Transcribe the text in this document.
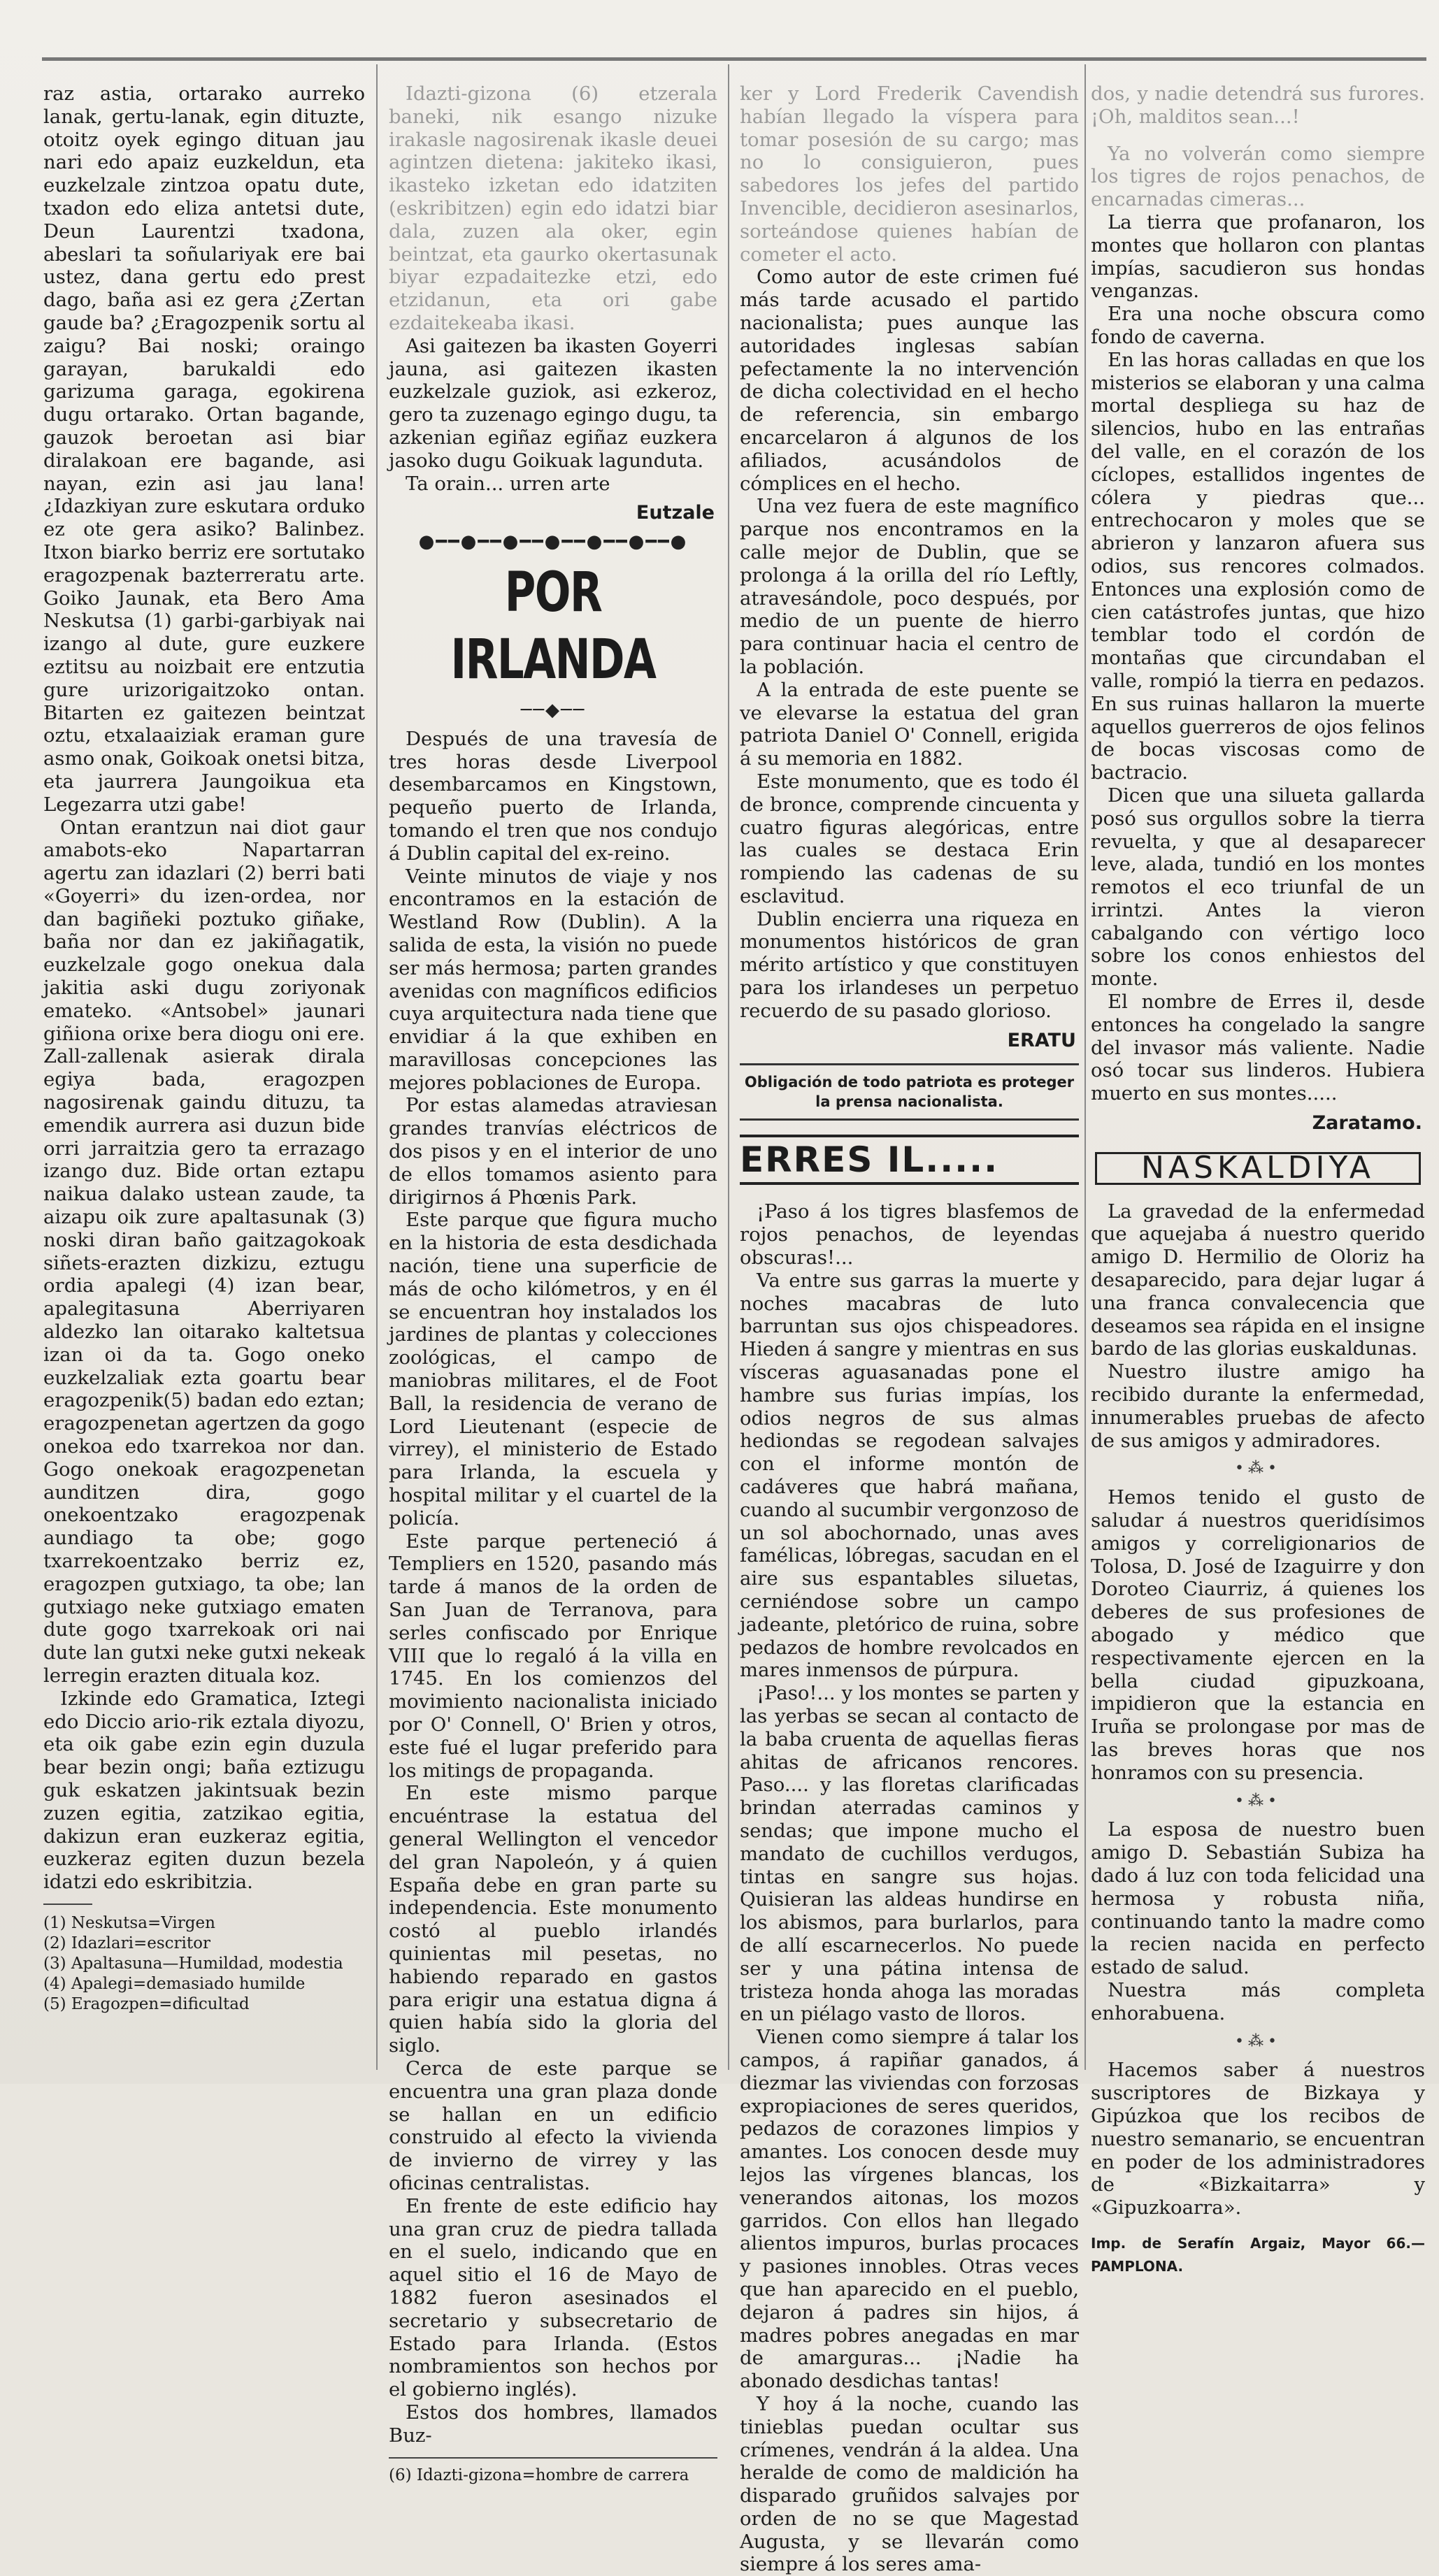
raz astia, ortarako aurreko lanak, gertu-lanak, egin dituzte, otoitz oyek egingo dituan jau nari edo apaiz euzkeldun, eta euzkelzale zintzoa opatu dute, txadon edo eliza antetsi dute, Deun Laurentzi txadona, abeslari ta soñulariyak ere bai ustez, dana gertu edo prest dago, baña asi ez gera ¿Zertan gaude ba? ¿Eragozpenik sortu al zaigu? Bai noski; oraingo garayan, barukaldi edo garizuma garaga, egokirena dugu ortarako. Ortan bagande, gauzok beroetan asi biar diralakoan ere bagande, asi nayan, ezin asi jau lana! ¿Idazkiyan zure eskutara orduko ez ote gera asiko? Balinbez. Itxon biarko berriz ere sortutako eragozpenak bazterreratu arte. Goiko Jaunak, eta Bero Ama Neskutsa (1) garbi-garbiyak nai izango al dute, gure euzkere eztitsu au noizbait ere entzutia gure urizorigaitzoko ontan. Bitarten ez gaitezen beintzat oztu, etxalaaiziak eraman gure asmo onak, Goikoak onetsi bitza, eta jaurrera Jaungoikua eta Legezarra utzi gabe!

Ontan erantzun nai diot gaur amabots-eko Napartarran agertu zan idazlari (2) berri bati «Goyerri» du izen-ordea, nor dan bagiñeki poztuko giñake, baña nor dan ez jakiñagatik, euzkelzale gogo onekua dala jakitia aski dugu zoriyonak emateko. «Antsobel» jaunari giñiona orixe bera diogu oni ere. Zall-zallenak asierak dirala egiya bada, eragozpen nagosirenak gaindu dituzu, ta emendik aurrera asi duzun bide orri jarraitzia gero ta errazago izango duz. Bide ortan eztapu naikua dalako ustean zaude, ta aizapu oik zure apaltasunak (3) noski diran baño gaitzagokoak siñets-erazten dizkizu, eztugu ordia apalegi (4) izan bear, apalegitasuna Aberriyaren aldezko lan oitarako kaltetsua izan oi da ta. Gogo oneko euzkelzaliak ezta goartu bear eragozpenik(5) badan edo eztan; eragozpenetan agertzen da gogo onekoa edo txarrekoa nor dan. Gogo onekoak eragozpenetan aunditzen dira, gogo onekoentzako eragozpenak aundiago ta obe; gogo txarrekoentzako berriz ez, eragozpen gutxiago, ta obe; lan gutxiago neke gutxiago ematen dute gogo txarrekoak ori nai dute lan gutxi neke gutxi nekeak lerregin erazten dituala koz.

Izkinde edo Gramatica, Iztegi edo Diccio ario-rik eztala diyozu, eta oik gabe ezin egin duzula bear bezin ongi; baña eztizugu guk eskatzen jakintsuak bezin zuzen egitia, zatzikao egitia, dakizun eran euzkeraz egitia, euzkeraz egiten duzun bezela idatzi edo eskribitzia.

(1) Neskutsa=Virgen
(2) Idazlari=escritor
(3) Apaltasuna—Humildad, modestia
(4) Apalegi=demasiado humilde
(5) Eragozpen=dificultad

Idazti-gizona (6) etzerala baneki, nik esango nizuke irakasle nagosirenak ikasle deuei agintzen dietena: jakiteko ikasi, ikasteko izketan edo idatziten (eskribitzen) egin edo idatzi biar dala, zuzen ala oker, egin beintzat, eta gaurko okertasunak biyar ezpadaitezke etzi, edo etzidanun, eta ori gabe ezdaitekeaba ikasi.

Asi gaitezen ba ikasten Goyerri jauna, asi gaitezen ikasten euzkelzale guziok, asi ezkeroz, gero ta zuzenago egingo dugu, ta azkenian egiñaz egiñaz euzkera jasoko dugu Goikuak lagunduta.

Ta orain... urren arte

Eutzale
●━━●━━●━━●━━●━━●━━●
POR IRLANDA
──◆──

Después de una travesía de tres horas desde Liverpool desembarcamos en Kingstown, pequeño puerto de Irlanda, tomando el tren que nos condujo á Dublin capital del ex-reino.

Veinte minutos de viaje y nos encontramos en la estación de Westland Row (Dublin). A la salida de esta, la visión no puede ser más hermosa; parten grandes avenidas con magníficos edificios cuya arquitectura nada tiene que envidiar á la que exhiben en maravillosas concepciones las mejores poblaciones de Europa.

Por estas alamedas atraviesan grandes tranvías eléctricos de dos pisos y en el interior de uno de ellos tomamos asiento para dirigirnos á Phœnis Park.

Este parque que figura mucho en la historia de esta desdichada nación, tiene una superficie de más de ocho kilómetros, y en él se encuentran hoy instalados los jardines de plantas y colecciones zoológicas, el campo de maniobras militares, el de Foot Ball, la residencia de verano de Lord Lieutenant (especie de virrey), el ministerio de Estado para Irlanda, la escuela y hospital militar y el cuartel de la policía.

Este parque perteneció á Templiers en 1520, pasando más tarde á manos de la orden de San Juan de Terranova, para serles confiscado por Enrique VIII que lo regaló á la villa en 1745. En los comienzos del movimiento nacionalista iniciado por O' Connell, O' Brien y otros, este fué el lugar preferido para los mitings de propaganda.

En este mismo parque encuéntrase la estatua del general Wellington el vencedor del gran Napoleón, y á quien España debe en gran parte su independencia. Este monumento costó al pueblo irlandés quinientas mil pesetas, no habiendo reparado en gastos para erigir una estatua digna á quien había sido la gloria del siglo.

Cerca de este parque se encuentra una gran plaza donde se hallan en un edificio construido al efecto la vivienda de invierno de virrey y las oficinas centralistas.

En frente de este edificio hay una gran cruz de piedra tallada en el suelo, indicando que en aquel sitio el 16 de Mayo de 1882 fueron asesinados el secretario y subsecretario de Estado para Irlanda. (Estos nombramientos son hechos por el gobierno inglés).

Estos dos hombres, llamados Buz-

(6) Idazti-gizona=hombre de carrera

ker y Lord Frederik Cavendish habían llegado la víspera para tomar posesión de su cargo; mas no lo consiguieron, pues sabedores los jefes del partido Invencible, decidieron asesinarlos, sorteándose quienes habían de cometer el acto.

Como autor de este crimen fué más tarde acusado el partido nacionalista; pues aunque las autoridades inglesas sabían pefectamente la no intervención de dicha colectividad en el hecho de referencia, sin embargo encarcelaron á algunos de los afiliados, acusándolos de cómplices en el hecho.

Una vez fuera de este magnífico parque nos encontramos en la calle mejor de Dublin, que se prolonga á la orilla del río Leftly, atravesándole, poco después, por medio de un puente de hierro para continuar hacia el centro de la población.

A la entrada de este puente se ve elevarse la estatua del gran patriota Daniel O' Connell, erigida á su memoria en 1882.

Este monumento, que es todo él de bronce, comprende cincuenta y cuatro figuras alegóricas, entre las cuales se destaca Erin rompiendo las cadenas de su esclavitud.

Dublin encierra una riqueza en monumentos históricos de gran mérito artístico y que constituyen para los irlandeses un perpetuo recuerdo de su pasado glorioso.

ERATU
Obligación de todo patriota es proteger la prensa nacionalista.
ERRES IL.....

¡Paso á los tigres blasfemos de rojos penachos, de leyendas obscuras!...

Va entre sus garras la muerte y noches macabras de luto barruntan sus ojos chispeadores. Hieden á sangre y mientras en sus vísceras aguasanadas pone el hambre sus furias impías, los odios negros de sus almas hediondas se regodean salvajes con el informe montón de cadáveres que habrá mañana, cuando al sucumbir vergonzoso de un sol abochornado, unas aves famélicas, lóbregas, sacudan en el aire sus espantables siluetas, cerniéndose sobre un campo jadeante, pletórico de ruina, sobre pedazos de hombre revolcados en mares inmensos de púrpura.

¡Paso!... y los montes se parten y las yerbas se secan al contacto de la baba cruenta de aquellas fieras ahitas de africanos rencores. Paso.... y las floretas clarificadas brindan aterradas caminos y sendas; que impone mucho el mandato de cuchillos verdugos, tintas en sangre sus hojas. Quisieran las aldeas hundirse en los abismos, para burlarlos, para de allí escarnecerlos. No puede ser y una pátina intensa de tristeza honda ahoga las moradas en un piélago vasto de lloros.

Vienen como siempre á talar los campos, á rapiñar ganados, á diezmar las viviendas con forzosas expropiaciones de seres queridos, pedazos de corazones limpios y amantes. Los conocen desde muy lejos las vírgenes blancas, los venerandos aitonas, los mozos garridos. Con ellos han llegado alientos impuros, burlas procaces y pasiones innobles. Otras veces que han aparecido en el pueblo, dejaron á padres sin hijos, á madres pobres anegadas en mar de amarguras... ¡Nadie ha abonado desdichas tantas!

Y hoy á la noche, cuando las tinieblas puedan ocultar sus crímenes, vendrán á la aldea. Una heralde de como de maldición ha disparado gruñidos salvajes por orden de no se que Magestad Augusta, y se llevarán como siempre á los seres ama-

dos, y nadie detendrá sus furores. ¡Oh, malditos sean...!

Ya no volverán como siempre los tigres de rojos penachos, de encarnadas cimeras...

La tierra que profanaron, los montes que hollaron con plantas impías, sacudieron sus hondas venganzas.

Era una noche obscura como fondo de caverna.

En las horas calladas en que los misterios se elaboran y una calma mortal despliega su haz de silencios, hubo en las entrañas del valle, en el corazón de los cíclopes, estallidos ingentes de cólera y piedras que... entrechocaron y moles que se abrieron y lanzaron afuera sus odios, sus rencores colmados. Entonces una explosión como de cien catástrofes juntas, que hizo temblar todo el cordón de montañas que circundaban el valle, rompió la tierra en pedazos. En sus ruinas hallaron la muerte aquellos guerreros de ojos felinos de bocas viscosas como de bactracio.

Dicen que una silueta gallarda posó sus orgullos sobre la tierra revuelta, y que al desaparecer leve, alada, tundió en los montes remotos el eco triunfal de un irrintzi. Antes la vieron cabalgando con vértigo loco sobre los conos enhiestos del monte.

El nombre de Erres il, desde entonces ha congelado la sangre del invasor más valiente. Nadie osó tocar sus linderos. Hubiera muerto en sus montes.....

Zaratamo.
NASKALDIYA

La gravedad de la enfermedad que aquejaba á nuestro querido amigo D. Hermilio de Oloriz ha desaparecido, para dejar lugar á una franca convalecencia que deseamos sea rápida en el insigne bardo de las glorias euskaldunas.

Nuestro ilustre amigo ha recibido durante la enfermedad, innumerables pruebas de afecto de sus amigos y admiradores.

•⁂•

Hemos tenido el gusto de saludar á nuestros queridísimos amigos y correligionarios de Tolosa, D. José de Izaguirre y don Doroteo Ciaurriz, á quienes los deberes de sus profesiones de abogado y médico que respectivamente ejercen en la bella ciudad gipuzkoana, impidieron que la estancia en Iruña se prolongase por mas de las breves horas que nos honramos con su presencia.

•⁂•

La esposa de nuestro buen amigo D. Sebastián Subiza ha dado á luz con toda felicidad una hermosa y robusta niña, continuando tanto la madre como la recien nacida en perfecto estado de salud.

Nuestra más completa enhorabuena.

•⁂•

Hacemos saber á nuestros suscriptores de Bizkaya y Gipúzkoa que los recibos de nuestro semanario, se encuentran en poder de los administradores de «Bizkaitarra» y «Gipuzkoarra».

Imp. de Serafín Argaiz, Mayor 66.—PAMPLONA.
